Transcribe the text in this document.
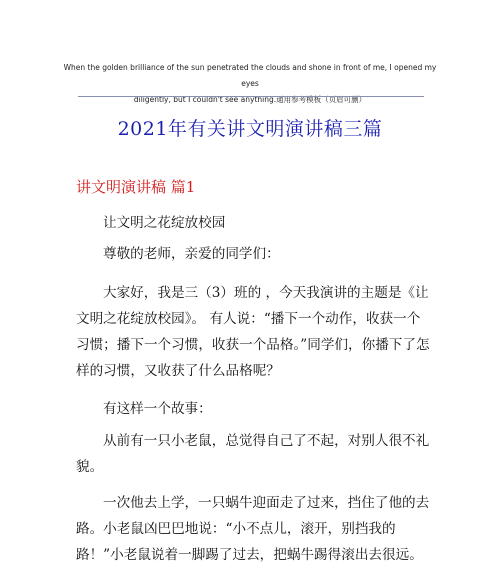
When the golden brilliance of the sun penetrated the clouds and shone in front of me, I opened my eyes
diligently, but I couldn't see anything.通用参考模板（页眉可删）
2021年有关讲文明演讲稿三篇
讲文明演讲稿 篇1
让文明之花绽放校园
尊敬的老师，亲爱的同学们：
大家好，我是三（3）班的 ，今天我演讲的主题是《让文明之花绽放校园》。 有人说：“播下一个动作，收获一个习惯；播下一个习惯，收获一个品格。”同学们，你播下了怎样的习惯，又收获了什么品格呢？
有这样一个故事：
从前有一只小老鼠，总觉得自己了不起，对别人很不礼貌。
一次他去上学，一只蜗牛迎面走了过来，挡住了他的去路。小老鼠凶巴巴地说：“小不点儿，滚开，别挡我的路！”小老鼠说着一脚踢了过去，把蜗牛踢得滚出去很远。
